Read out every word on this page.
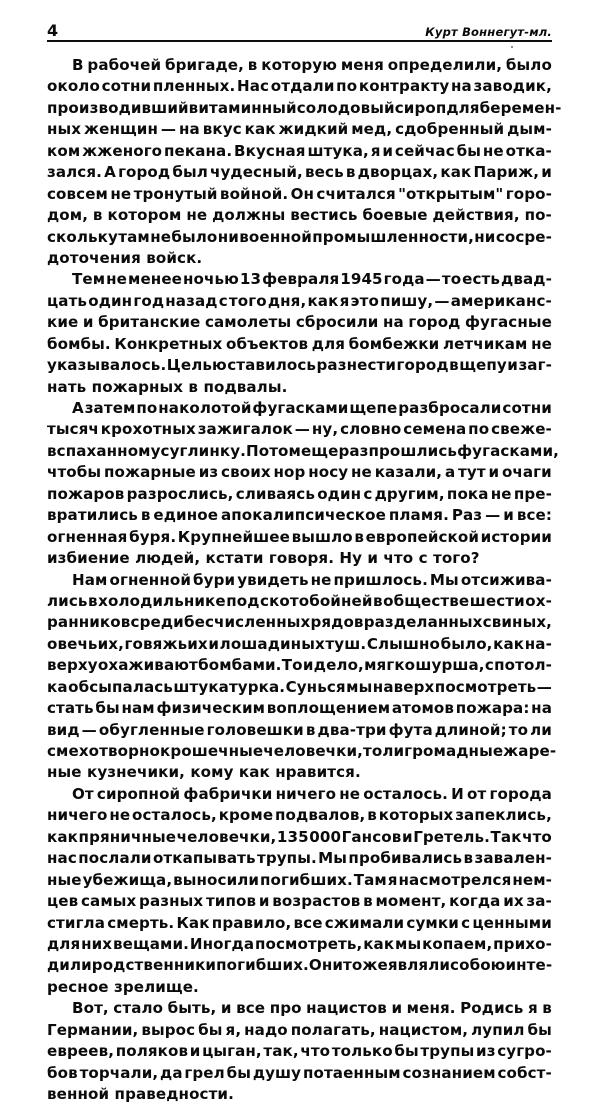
4	Курт Воннегут-мл.
В рабочей бригаде, в которую меня определили, было
около сотни пленных. Нас отдали по контракту на заводик,
производивший витаминный солодовый сироп для беремен-
ных женщин — на вкус как жидкий мед, сдобренный дым-
ком жженого пекана. Вкусная штука, я и сейчас бы не отка-
зался. А город был чудесный, весь в дворцах, как Париж, и
совсем не тронутый войной. Он считался "открытым" горо-
дом, в котором не должны вестись боевые действия, по-
скольку там не было ни военной промышленности, ни сосре-
доточения войск.
Тем не менее ночью 13 февраля 1945 года — то есть двад-
цать один год назад с того дня, как я это пишу, — американс-
кие и британские самолеты сбросили на город фугасные
бомбы. Конкретных объектов для бомбежки летчикам не
указывалось. Целью ставилось разнести город в щепу и заг-
нать пожарных в подвалы.
А затем по наколотой фугасками щепе разбросали сотни
тысяч крохотных зажигалок — ну, словно семена по свеже-
вспаханному суглинку. Потом еще раз прошлись фугасками,
чтобы пожарные из своих нор носу не казали, а тут и очаги
пожаров разрослись, сливаясь один с другим, пока не пре-
вратились в единое апокалипсическое пламя. Раз — и все:
огненная буря. Крупнейшее вышло в европейской истории
избиение людей, кстати говоря. Ну и что с того?
Нам огненной бури увидеть не пришлось. Мы отсижива-
лись в холодильнике под скотобойней в обществе шести ох-
ранников среди бесчисленных рядов разделанных свиных,
овечьих, говяжьих и лошадиных туш. Слышно было, как на-
верху охаживают бомбами. То и дело, мягко шурша, с потол-
ка обсыпалась штукатурка. Сунься мы наверх посмотреть —
стать бы нам физическим воплощением атомов пожара: на
вид — обугленные головешки в два-три фута длиной; то ли
смехотворно крошечные человечки, то ли громадные жаре-
ные кузнечики, кому как нравится.
От сиропной фабрички ничего не осталось. И от города
ничего не осталось, кроме подвалов, в которых запеклись,
как пряничные человечки, 135 000 Гансов и Гретель. Так что
нас послали откапывать трупы. Мы пробивались в завален-
ные убежища, выносили погибших. Там я насмотрелся нем-
цев самых разных типов и возрастов в момент, когда их за-
стигла смерть. Как правило, все сжимали сумки с ценными
для них вещами. Иногда посмотреть, как мы копаем, прихо-
дили родственники погибших. Они тоже являли собою инте-
ресное зрелище.
Вот, стало быть, и все про нацистов и меня. Родись я в
Германии, вырос бы я, надо полагать, нацистом, лупил бы
евреев, поляков и цыган, так, что только бы трупы из сугро-
бов торчали, да грел бы душу потаенным сознанием собст-
венной праведности.
